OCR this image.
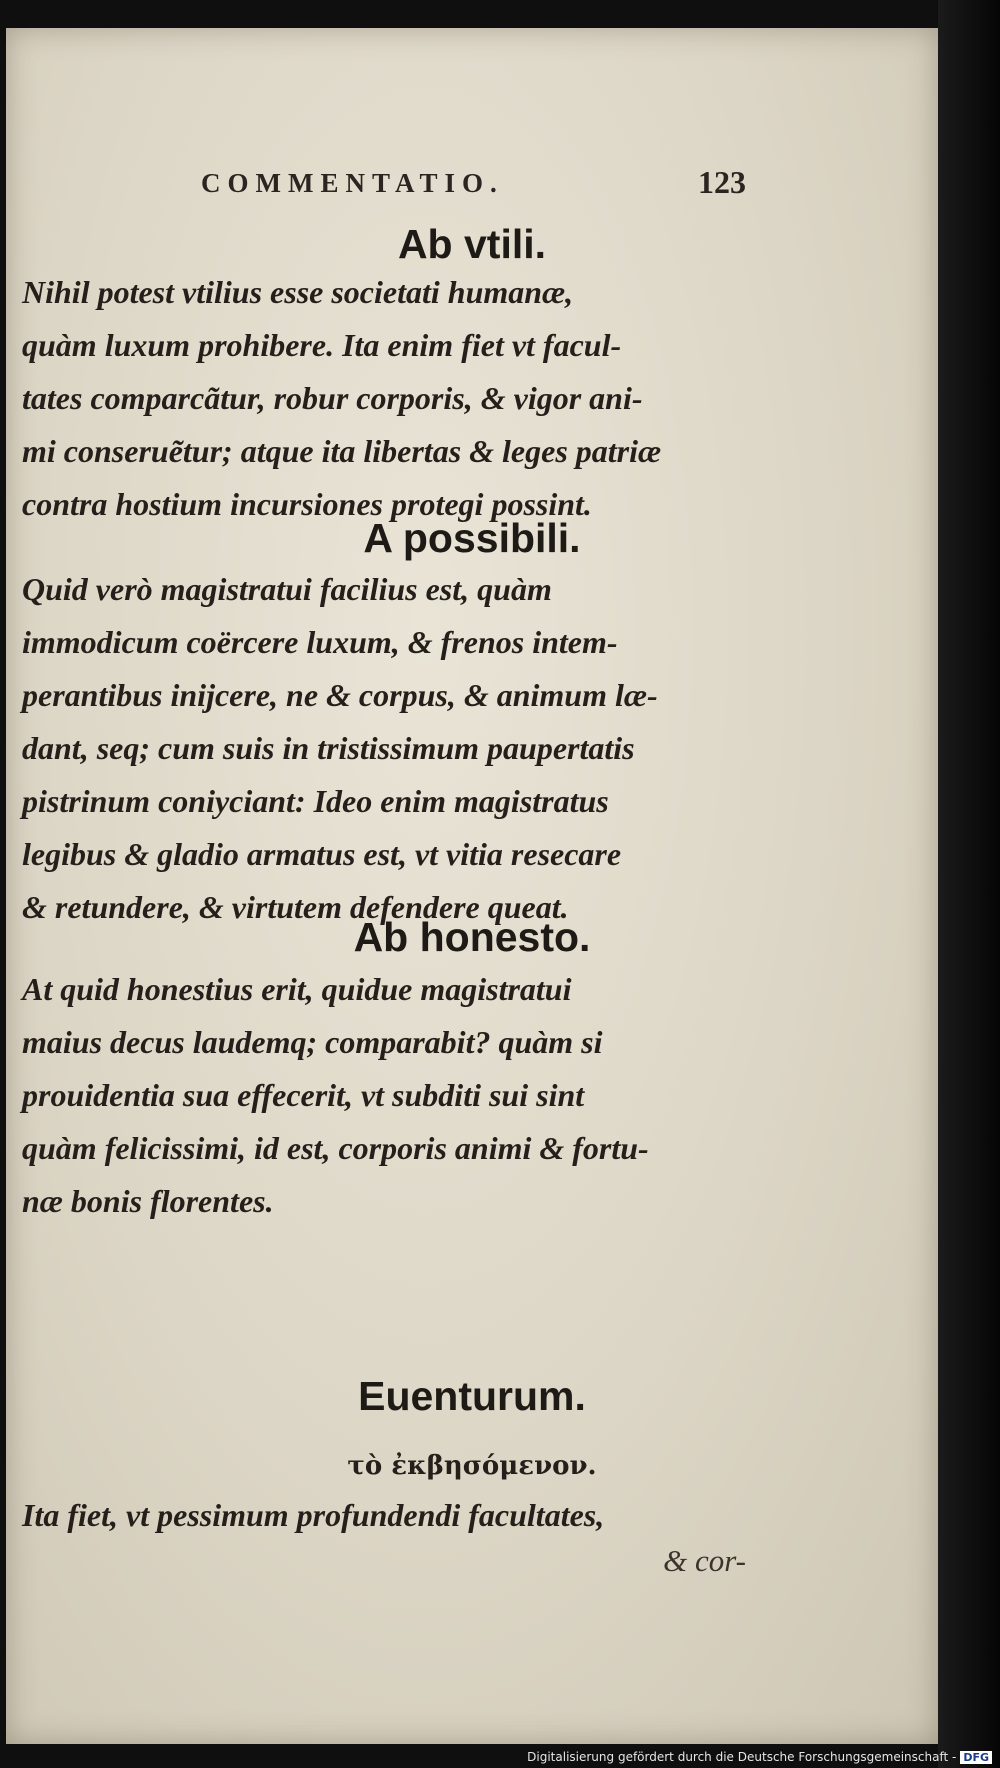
COMMENTATIO.	123
Ab vtili.
Nihil potest vtilius esse societati humanæ,
quàm luxum prohibere. Ita enim fiet vt facul-
tates comparcãtur, robur corporis, & vigor ani-
mi conseruẽtur; atque ita libertas & leges patriæ
contra hostium incursiones protegi possint.
A possibili.
Quid verò magistratui facilius est, quàm
immodicum coërcere luxum, & frenos intem-
perantibus inijcere, ne & corpus, & animum læ-
dant, seq; cum suis in tristissimum paupertatis
pistrinum coniyciant: Ideo enim magistratus
legibus & gladio armatus est, vt vitia resecare
& retundere, & virtutem defendere queat.
Ab honesto.
At quid honestius erit, quidue magistratui
maius decus laudemq; comparabit? quàm si
prouidentia sua effecerit, vt subditi sui sint
quàm felicissimi, id est, corporis animi & fortu-
næ bonis florentes.
Euenturum.
τὸ ἐκβησόμενον.
Ita fiet, vt pessimum profundendi facultates,
& cor-
Digitalisierung gefördert durch die Deutsche Forschungsgemeinschaft - DFG
